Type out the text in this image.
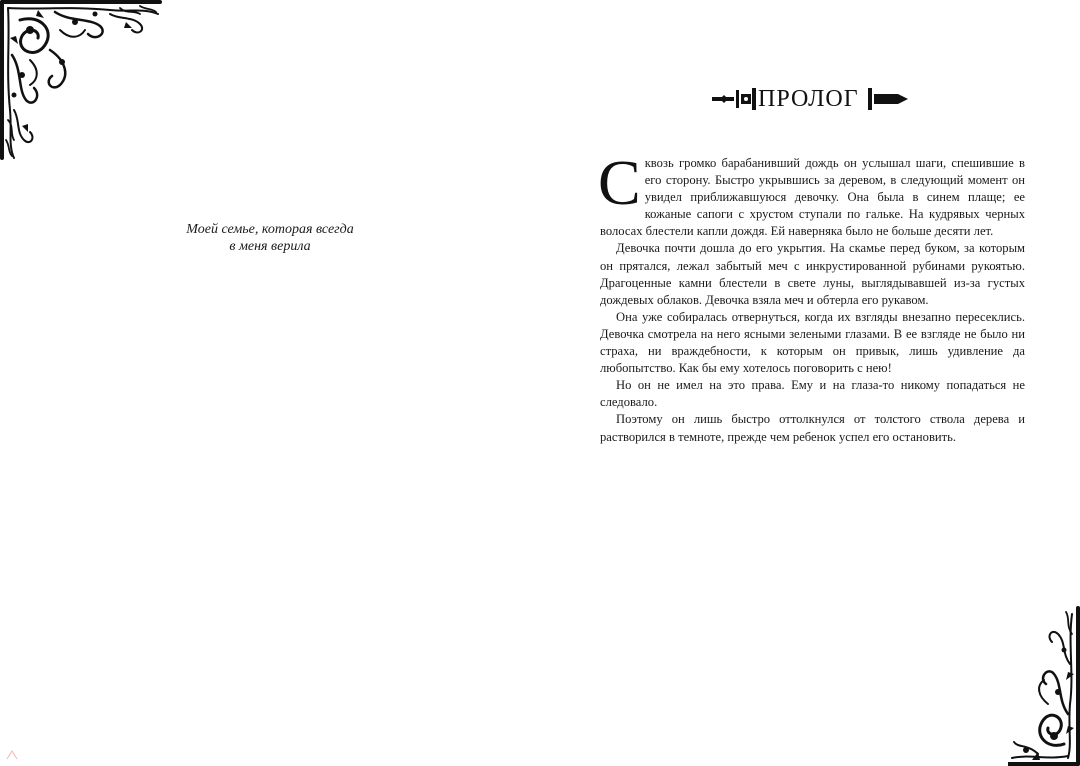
Моей семье, которая всегда
в меня верила
ПРОЛОГ

Сквозь громко барабанивший дождь он услышал шаги, спешившие в его сторону. Быстро укрывшись за деревом, в следующий момент он увидел приближавшуюся девочку. Она была в синем плаще; ее кожаные сапоги с хрустом ступали по гальке. На кудрявых черных волосах блестели капли дождя. Ей наверняка было не больше десяти лет.

Девочка почти дошла до его укрытия. На скамье перед буком, за которым он прятался, лежал забытый меч с инкрустированной рубинами рукоятью. Драгоценные камни блестели в свете луны, выглядывавшей из-за густых дождевых облаков. Девочка взяла меч и обтерла его рукавом.

Она уже собиралась отвернуться, когда их взгляды внезапно пересеклись. Девочка смотрела на него ясными зелеными глазами. В ее взгляде не было ни страха, ни враждебности, к которым он привык, лишь удивление да любопытство. Как бы ему хотелось поговорить с нею!

Но он не имел на это права. Ему и на глаза-то никому попадаться не следовало.

Поэтому он лишь быстро оттолкнулся от толстого ствола дерева и растворился в темноте, прежде чем ребенок успел его остановить.
